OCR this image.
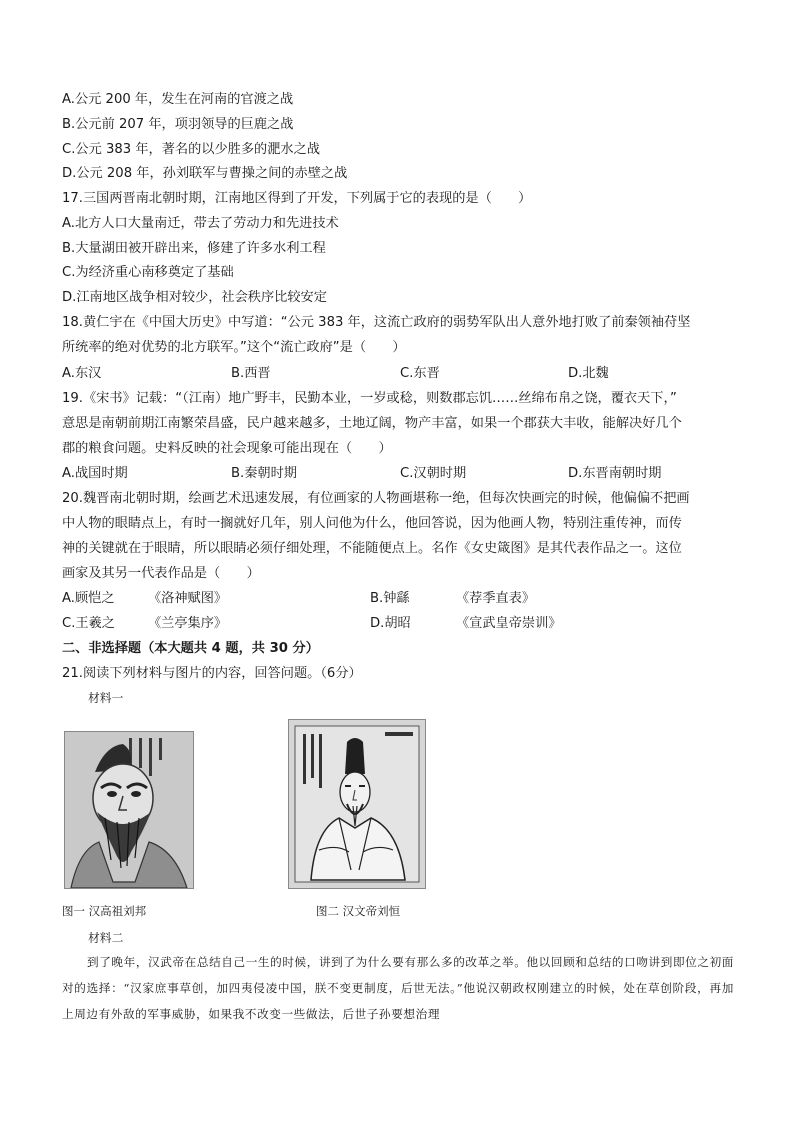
A.公元 200 年，发生在河南的官渡之战
B.公元前 207 年，项羽领导的巨鹿之战
C.公元 383 年，著名的以少胜多的淝水之战
D.公元 208 年，孙刘联军与曹操之间的赤壁之战
17.三国两晋南北朝时期，江南地区得到了开发，下列属于它的表现的是（　　）
A.北方人口大量南迁，带去了劳动力和先进技术
B.大量湖田被开辟出来，修建了许多水利工程
C.为经济重心南移奠定了基础
D.江南地区战争相对较少，社会秩序比较安定
18.黄仁宇在《中国大历史》中写道：“公元 383 年，这流亡政府的弱势军队出人意外地打败了前秦领袖苻坚
所统率的绝对优势的北方联军。”这个“流亡政府”是（　　）
A.东汉	B.西晋	C.东晋	D.北魏
19.《宋书》记载：“（江南）地广野丰，民勤本业，一岁或稔，则数郡忘饥……丝绵布帛之饶，覆衣天下，”
意思是南朝前期江南繁荣昌盛，民户越来越多，土地辽阔，物产丰富，如果一个郡获大丰收，能解决好几个
郡的粮食问题。史料反映的社会现象可能出现在（　　）
A.战国时期	B.秦朝时期	C.汉朝时期	D.东晋南朝时期
20.魏晋南北朝时期，绘画艺术迅速发展，有位画家的人物画堪称一绝，但每次快画完的时候，他偏偏不把画
中人物的眼睛点上，有时一搁就好几年，别人问他为什么，他回答说，因为他画人物，特别注重传神，而传
神的关键就在于眼睛，所以眼睛必须仔细处理，不能随便点上。名作《女史箴图》是其代表作品之一。这位
画家及其另一代表作品是（　　）
A.顾恺之	《洛神赋图》	B.钟繇	《荐季直表》
C.王羲之	《兰亭集序》	D.胡昭	《宣武皇帝崇训》
二、非选择题（本大题共 4 题，共 30 分）
21.阅读下列材料与图片的内容，回答问题。（6分）
材料一
图一 汉高祖刘邦	图二 汉文帝刘恒
材料二
到了晚年，汉武帝在总结自己一生的时候，讲到了为什么要有那么多的改革之举。他以回顾和总结的口吻讲到即位之初面对的选择：“汉家庶事草创，加四夷侵凌中国，朕不变更制度，后世无法。”他说汉朝政权刚建立的时候，处在草创阶段，再加上周边有外敌的军事威胁，如果我不改变一些做法，后世子孙要想治理
